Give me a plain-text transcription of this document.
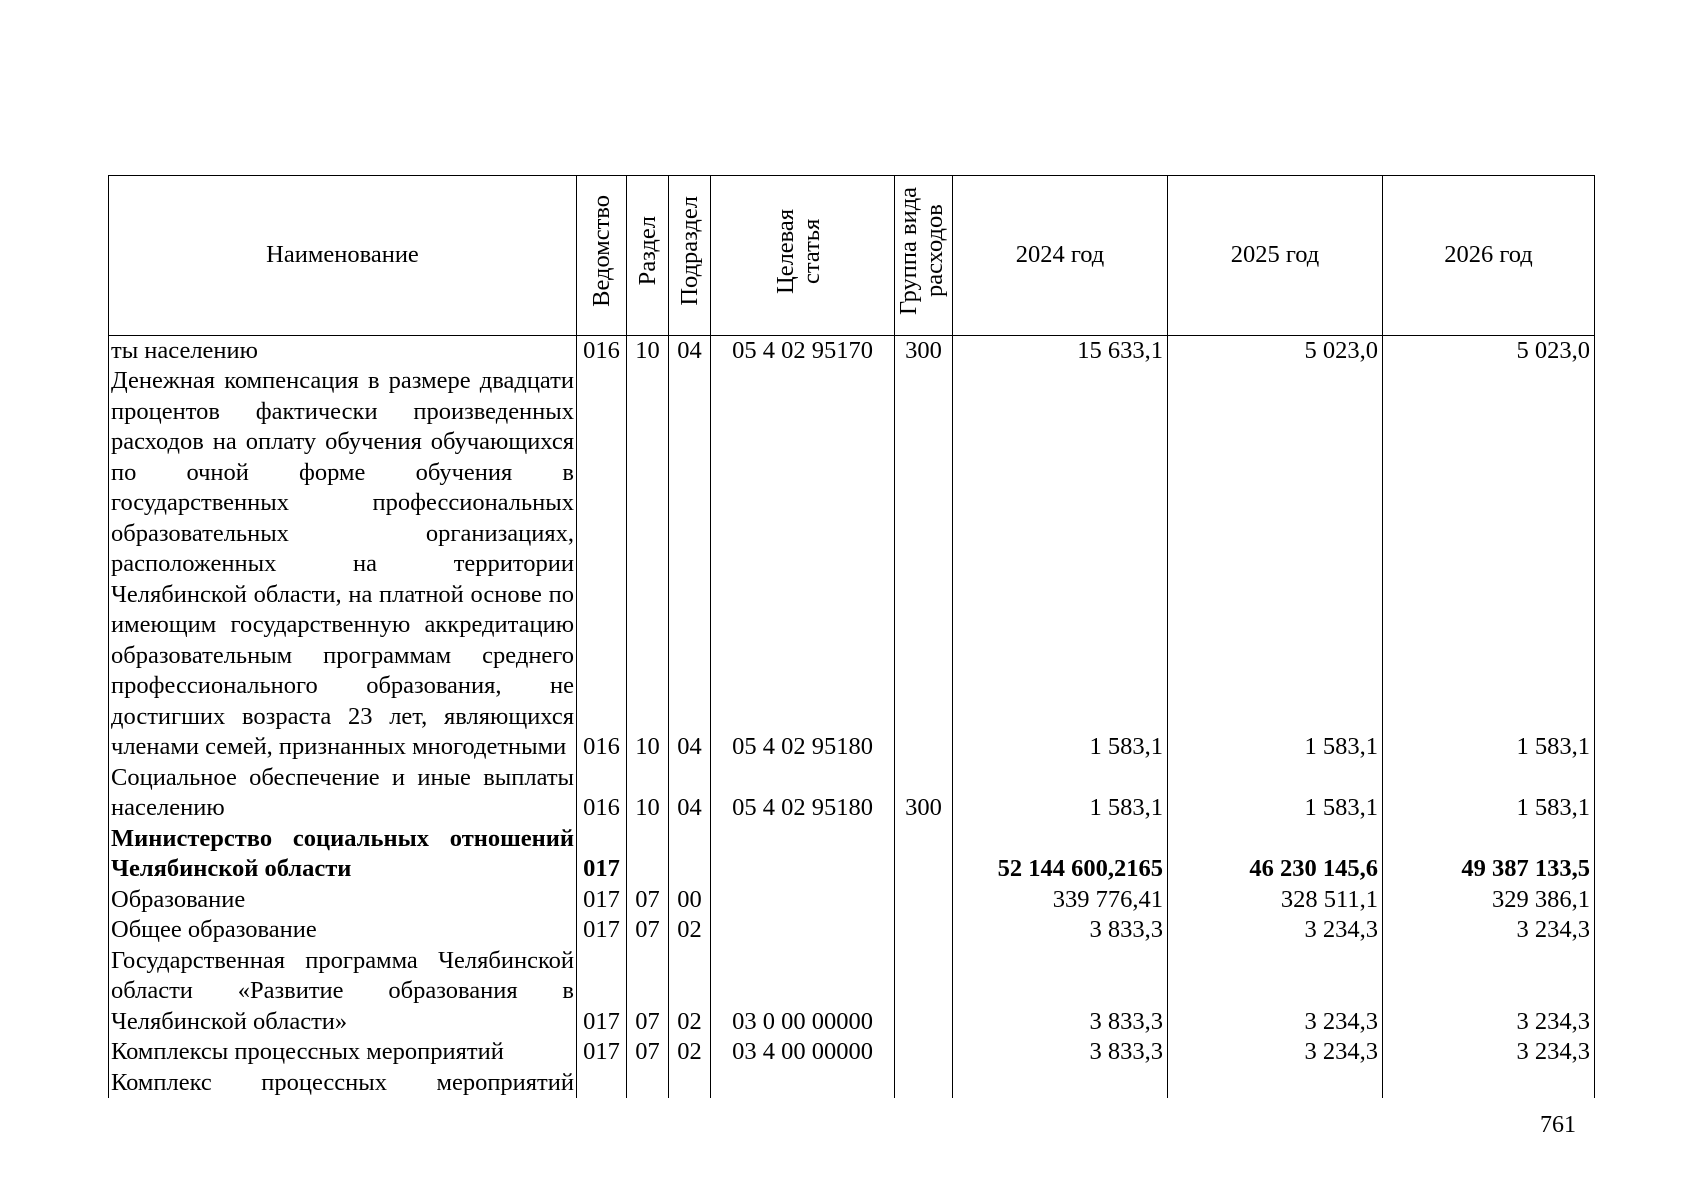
Наименование	Ведомство	Раздел	Подраздел	Целевая статья	Группа вида расходов	2024 год	2025 год	2026 год
ты населению	016	10	04	05 4 02 95170	300	15 633,1	5 023,0	5 023,0
Денежная компенсация в размере двадцати процентов фактически произведенных расходов на оплату обучения обучающихся по очной форме обучения в государственных профессиональных образовательных организациях, расположенных на территории Челябинской области, на платной основе по имеющим государственную аккредитацию образовательным программам среднего профессионального образования, не достигших возраста 23 лет, являющихся членами семей, признанных многодетными	016	10	04	05 4 02 95180		1 583,1	1 583,1	1 583,1
Социальное обеспечение и иные выплаты населению	016	10	04	05 4 02 95180	300	1 583,1	1 583,1	1 583,1
Министерство социальных отношений Челябинской области	017					52 144 600,2165	46 230 145,6	49 387 133,5
Образование	017	07	00			339 776,41	328 511,1	329 386,1
Общее образование	017	07	02			3 833,3	3 234,3	3 234,3
Государственная программа Челябинской области «Развитие образования в Челябинской области»	017	07	02	03 0 00 00000		3 833,3	3 234,3	3 234,3
Комплексы процессных мероприятий	017	07	02	03 4 00 00000		3 833,3	3 234,3	3 234,3
Комплекс процессных мероприятий								
761
